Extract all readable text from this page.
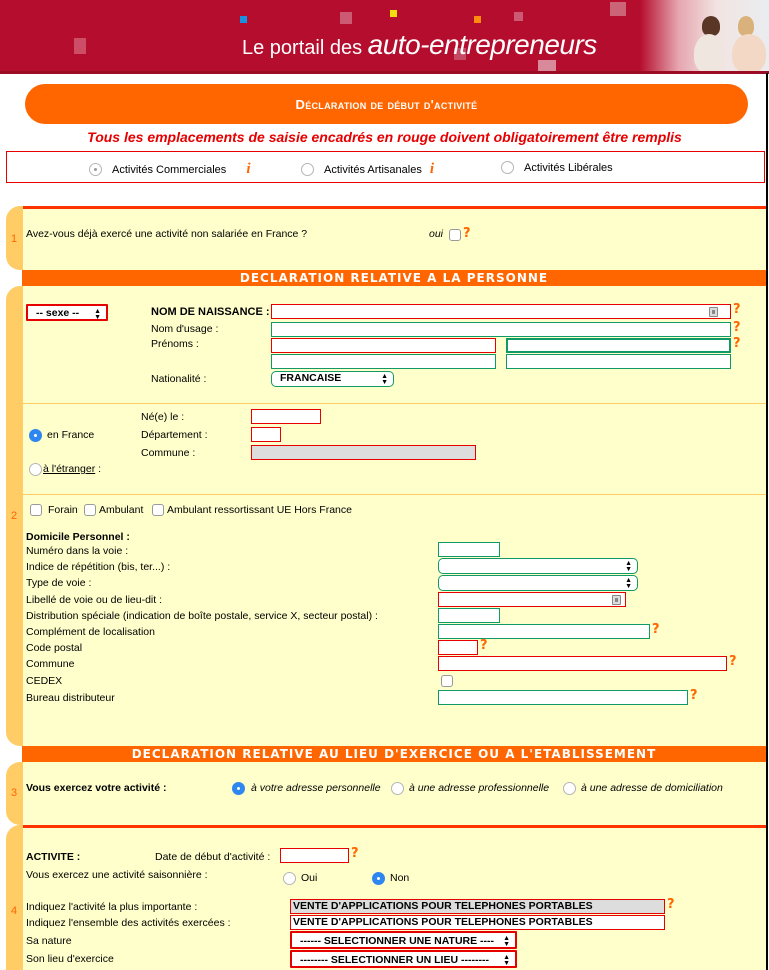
Le portail des auto-entrepreneurs
Déclaration de début d'activité
Tous les emplacements de saisie encadrés en rouge doivent obligatoirement être remplis
Activités Commerciales i	Activités Artisanales i	Activités Libérales
1 Avez-vous déjà exercé une activité non salariée en France ?	oui ?
DECLARATION RELATIVE A LA PERSONNE
2
-- sexe -- ▲
▼	NOM DE NAISSANCE :	?
Nom d'usage :	?
Prénoms :	?
Nationalité :	FRANCAISE	▲
▼
en France
à l'étranger :
Né(e) le :
Département :
Commune :
Forain Ambulant Ambulant ressortissant UE Hors France
Domicile Personnel :
Numéro dans la voie :
Indice de répétition (bis, ter...) :	▲
▼
Type de voie :	▲
▼
Libellé de voie ou de lieu-dit :
Distribution spéciale (indication de boîte postale, service X, secteur postal) :
Complément de localisation	?
Code postal	?
Commune	?
CEDEX
Bureau distributeur	?
DECLARATION RELATIVE AU LIEU D'EXERCICE OU A L'ETABLISSEMENT
3 Vous exercez votre activité :	à votre adresse personnelle	à une adresse professionnelle	à une adresse de domiciliation
4
ACTIVITE :	Date de début d'activité :	?
Vous exercez une activité saisonnière :	Oui	Non
Indiquez l'activité la plus importante :	VENTE D'APPLICATIONS POUR TELEPHONES PORTABLES	?
Indiquez l'ensemble des activités exercées :	VENTE D'APPLICATIONS POUR TELEPHONES PORTABLES
Sa nature	------ SELECTIONNER UNE NATURE ---- ▲
▼
Son lieu d'exercice	-------- SELECTIONNER UN LIEU -------- ▲
▼
